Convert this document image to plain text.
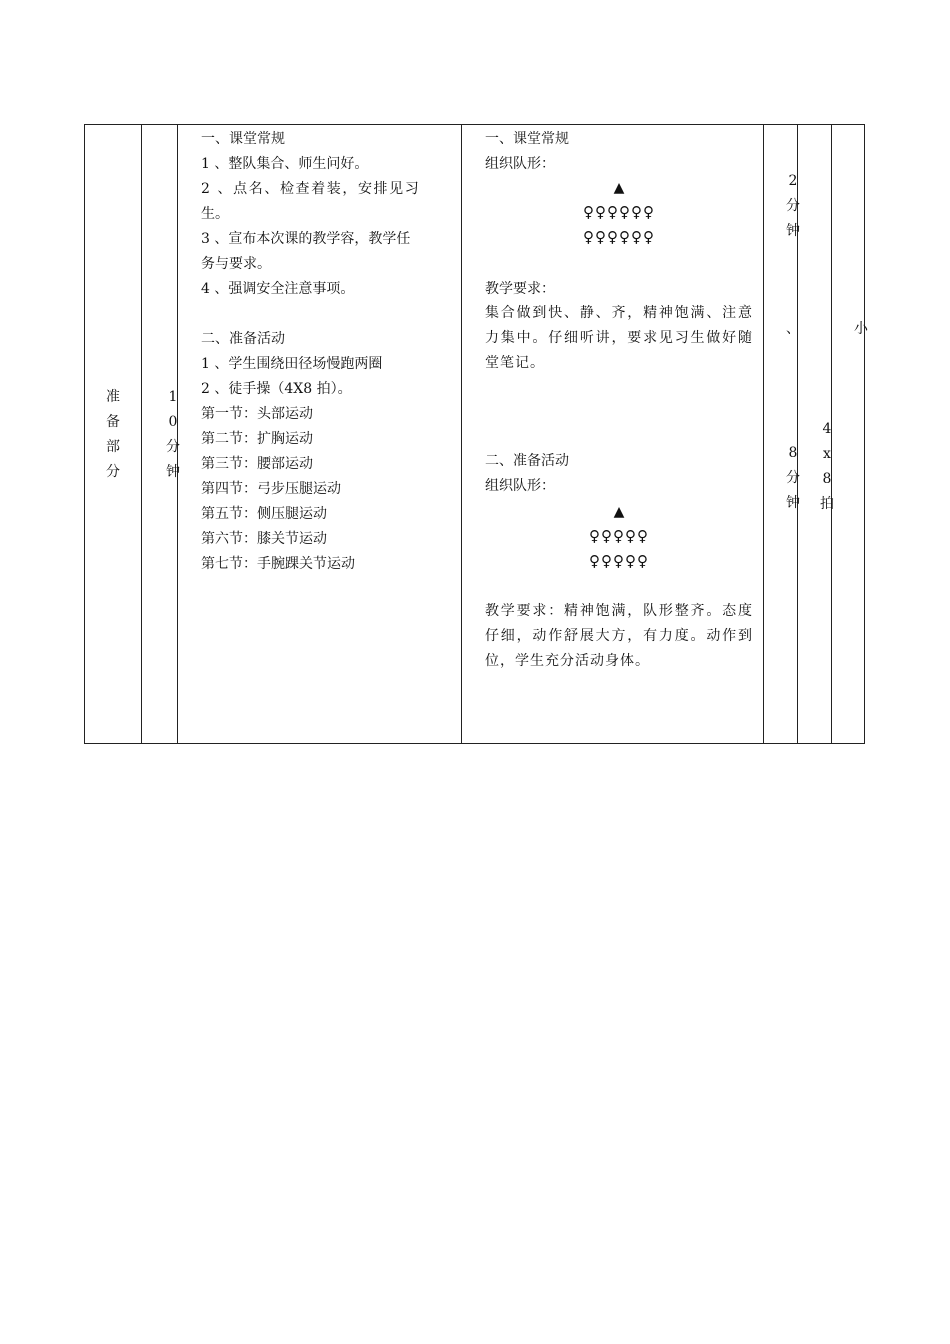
准
备
部
分
1
0
分
钟
一、课堂常规
1 、整队集合、师生问好。
2 、点名、检查着装，安排见习
生。
3 、宣布本次课的教学容，教学任
务与要求。
4 、强调安全注意事项。
二、准备活动
1 、学生围绕田径场慢跑两圈
2 、徒手操（4X8 拍）。
第一节：头部运动
第二节：扩胸运动
第三节：腰部运动
第四节：弓步压腿运动
第五节：侧压腿运动
第六节：膝关节运动
第七节：手腕踝关节运动
一、课堂常规
组织队形：
▲
♀♀♀♀♀♀
♀♀♀♀♀♀
教学要求：
集合做到快、静、齐，精神饱满、注意力集中。仔细听讲，要求见习生做好随堂笔记。
二、准备活动
组织队形：
▲
♀♀♀♀♀
♀♀♀♀♀
教学要求：精神饱满，队形整齐。态度仔细，动作舒展大方，有力度。动作到位，学生充分活动身体。
2
分
钟
、
8
分
钟
4
x
8
拍
小
